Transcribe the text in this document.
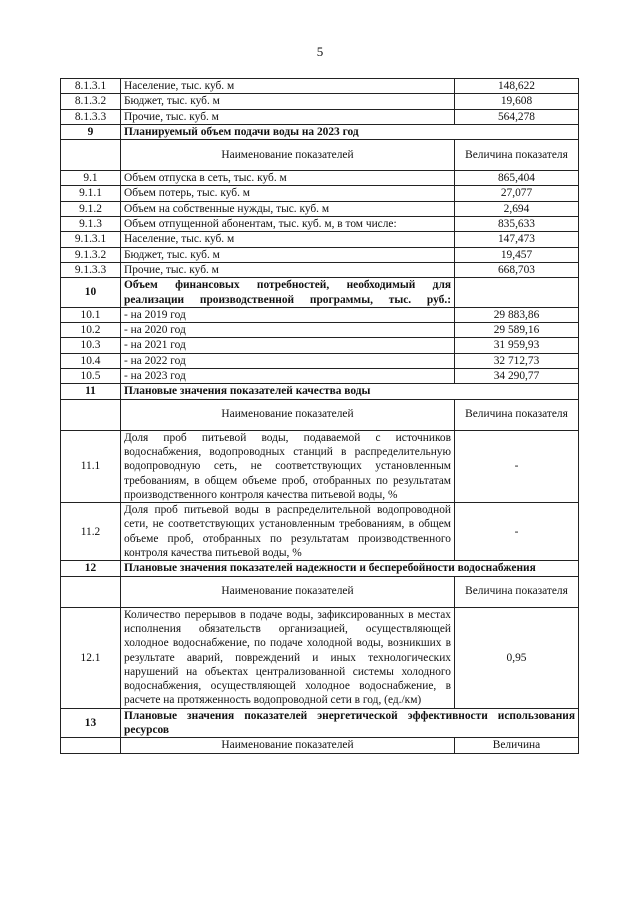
5
8.1.3.1	Население, тыс. куб. м	148,622
8.1.3.2	Бюджет, тыс. куб. м	19,608
8.1.3.3	Прочие, тыс. куб. м	564,278
9	Планируемый объем подачи воды на 2023 год	
	Наименование показателей	Величина показателя
9.1	Объем отпуска в сеть, тыс. куб. м	865,404
9.1.1	Объем потерь, тыс. куб. м	27,077
9.1.2	Объем на собственные нужды, тыс. куб. м	2,694
9.1.3	Объем отпущенной абонентам, тыс. куб. м, в том числе:	835,633
9.1.3.1	Население, тыс. куб. м	147,473
9.1.3.2	Бюджет, тыс. куб. м	19,457
9.1.3.3	Прочие, тыс. куб. м	668,703
10	Объем финансовых потребностей, необходимый для реализации производственной программы, тыс. руб.:	
10.1	- на 2019 год	29 883,86
10.2	- на 2020 год	29 589,16
10.3	- на 2021 год	31 959,93
10.4	- на 2022 год	32 712,73
10.5	- на 2023 год	34 290,77
11	Плановые значения показателей качества воды	
	Наименование показателей	Величина показателя
11.1	Доля проб питьевой воды, подаваемой с источников водоснабжения, водопроводных станций в распределительную водопроводную сеть, не соответствующих установленным требованиям, в общем объеме проб, отобранных по результатам производственного контроля качества питьевой воды, %	-
11.2	Доля проб питьевой воды в распределительной водопроводной сети, не соответствующих установленным требованиям, в общем объеме проб, отобранных по результатам производственного контроля качества питьевой воды, %	-
12	Плановые значения показателей надежности и бесперебойности водоснабжения	
	Наименование показателей	Величина показателя
12.1	Количество перерывов в подаче воды, зафиксированных в местах исполнения обязательств организацией, осуществляющей холодное водоснабжение, по подаче холодной воды, возникших в результате аварий, повреждений и иных технологических нарушений на объектах централизованной системы холодного водоснабжения, осуществляющей холодное водоснабжение, в расчете на протяженность водопроводной сети в год, (ед./км)	0,95
13	Плановые значения показателей энергетической эффективности использования ресурсов	
	Наименование показателей	Величина
